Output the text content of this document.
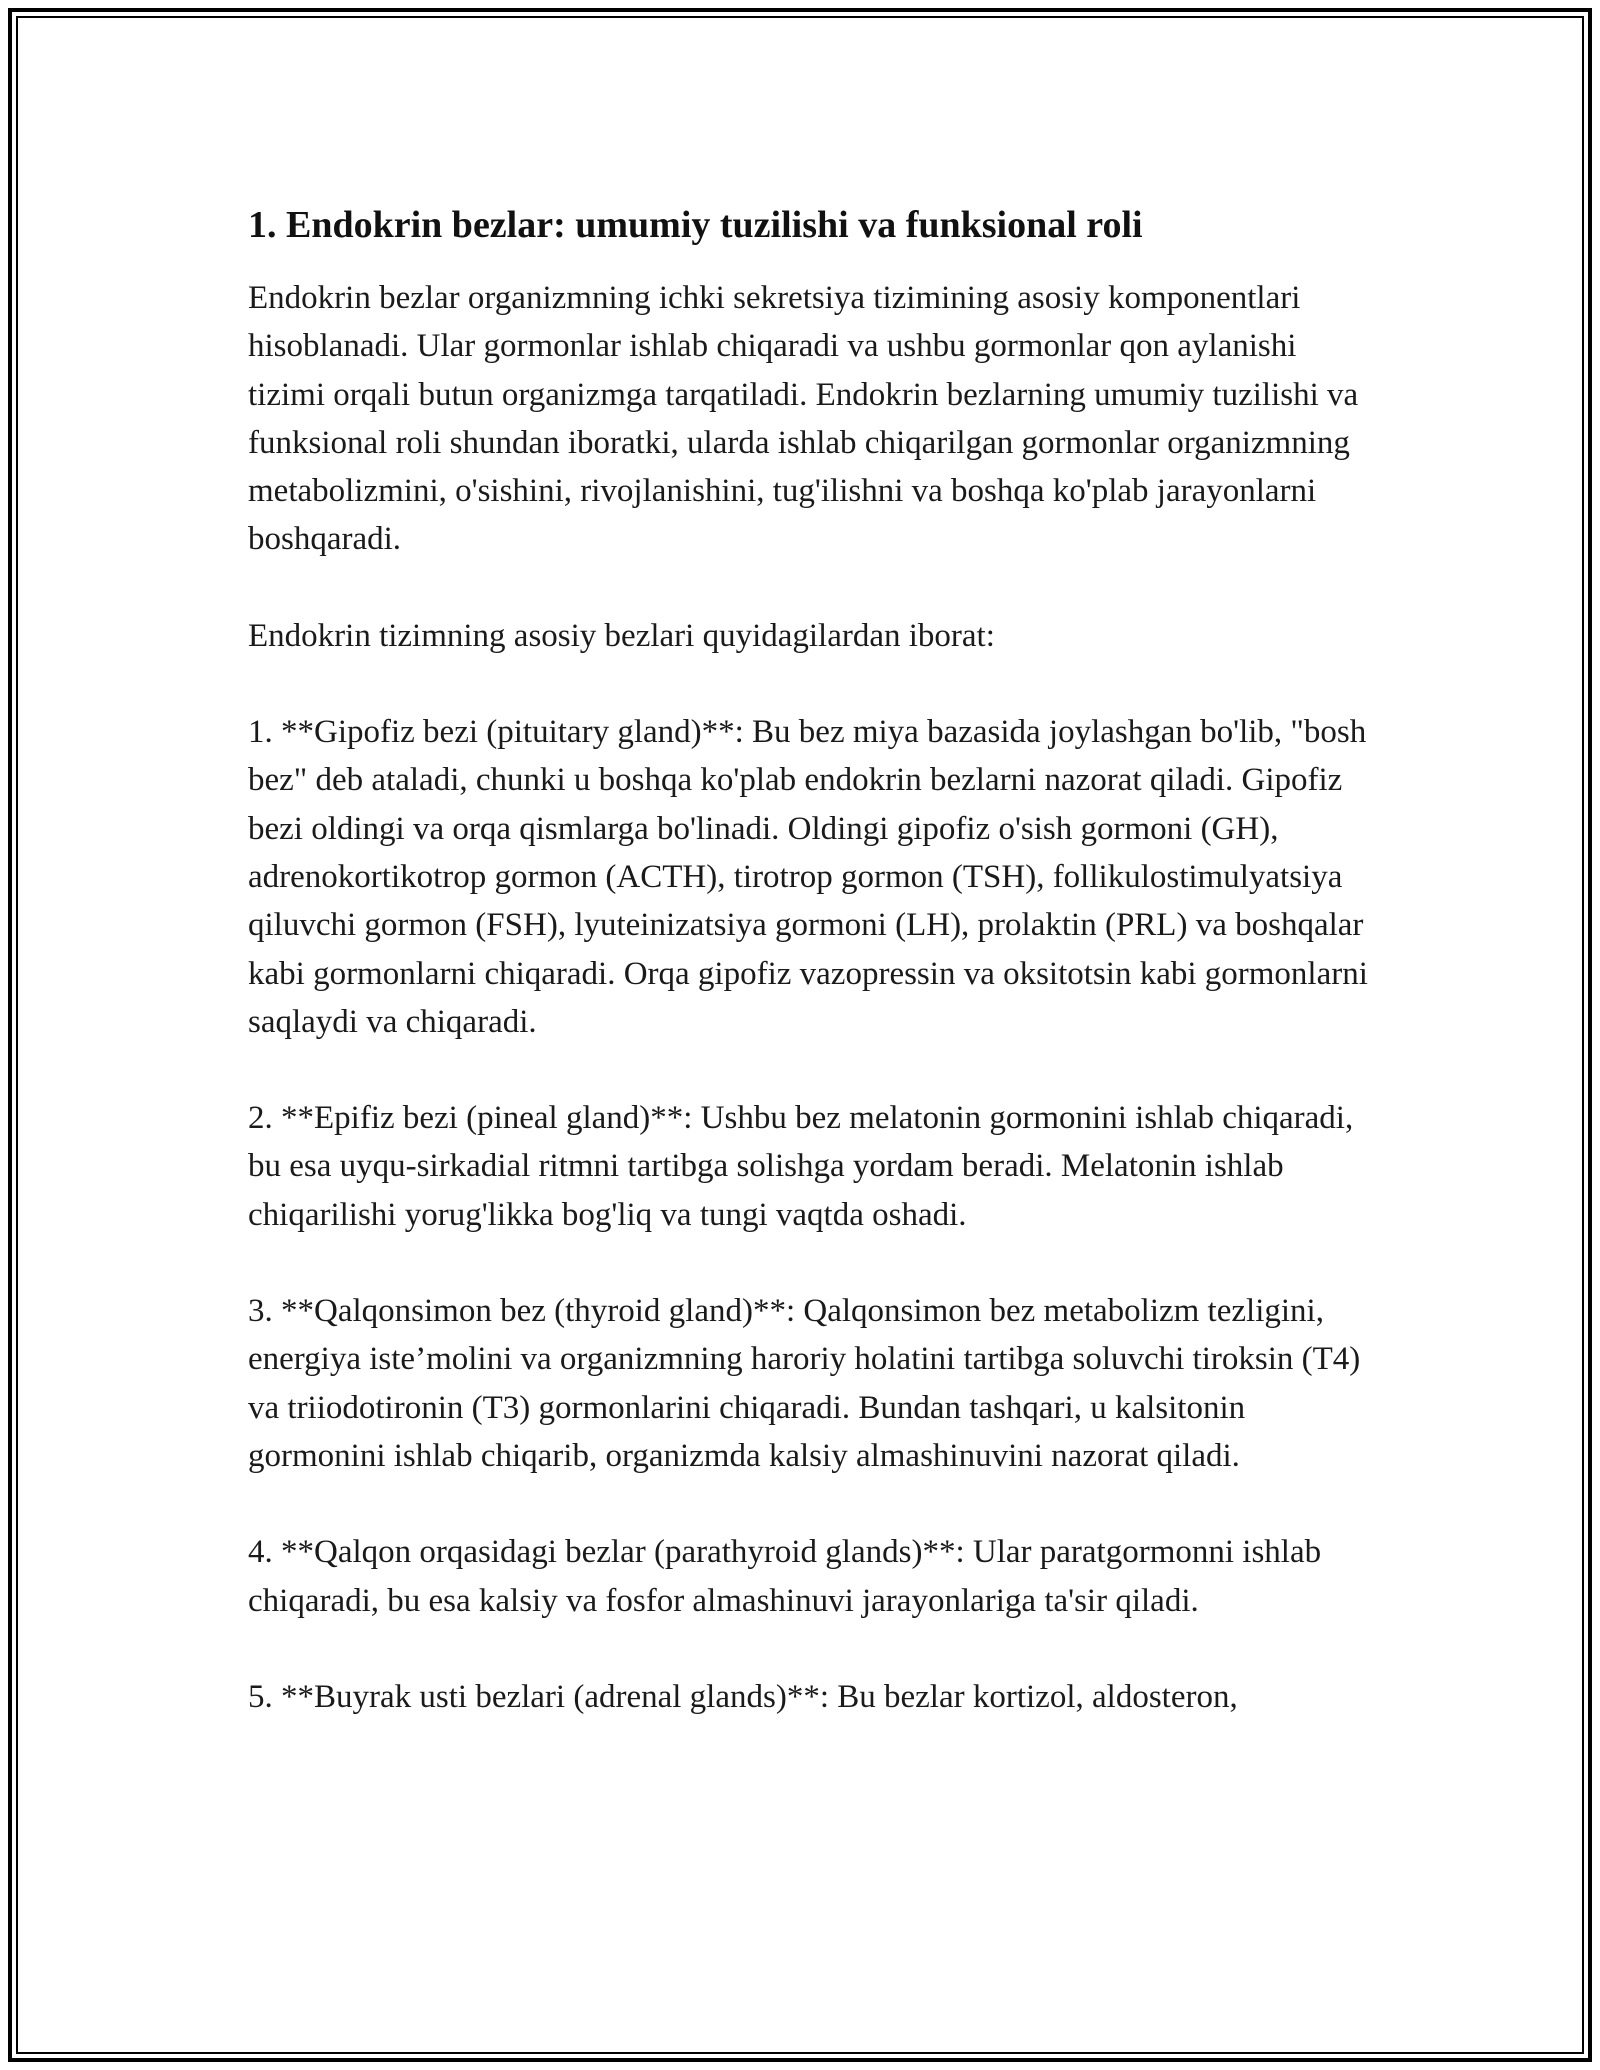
1. Endokrin bezlar: umumiy tuzilishi va funksional roli

Endokrin bezlar organizmning ichki sekretsiya tizimining asosiy komponentlari hisoblanadi. Ular gormonlar ishlab chiqaradi va ushbu gormonlar qon aylanishi tizimi orqali butun organizmga tarqatiladi. Endokrin bezlarning umumiy tuzilishi va funksional roli shundan iboratki, ularda ishlab chiqarilgan gormonlar organizmning metabolizmini, o'sishini, rivojlanishini, tug'ilishni va boshqa ko'plab jarayonlarni boshqaradi.

Endokrin tizimning asosiy bezlari quyidagilardan iborat:

1. **Gipofiz bezi (pituitary gland)**: Bu bez miya bazasida joylashgan bo'lib, "bosh bez" deb ataladi, chunki u boshqa ko'plab endokrin bezlarni nazorat qiladi. Gipofiz bezi oldingi va orqa qismlarga bo'linadi. Oldingi gipofiz o'sish gormoni (GH), adrenokortikotrop gormon (ACTH), tirotrop gormon (TSH), follikulostimulyatsiya qiluvchi gormon (FSH), lyuteinizatsiya gormoni (LH), prolaktin (PRL) va boshqalar kabi gormonlarni chiqaradi. Orqa gipofiz vazopressin va oksitotsin kabi gormonlarni saqlaydi va chiqaradi.

2. **Epifiz bezi (pineal gland)**: Ushbu bez melatonin gormonini ishlab chiqaradi, bu esa uyqu-sirkadial ritmni tartibga solishga yordam beradi. Melatonin ishlab chiqarilishi yorug'likka bog'liq va tungi vaqtda oshadi.

3. **Qalqonsimon bez (thyroid gland)**: Qalqonsimon bez metabolizm tezligini, energiya iste’molini va organizmning haroriy holatini tartibga soluvchi tiroksin (T4) va triiodotironin (T3) gormonlarini chiqaradi. Bundan tashqari, u kalsitonin gormonini ishlab chiqarib, organizmda kalsiy almashinuvini nazorat qiladi.

4. **Qalqon orqasidagi bezlar (parathyroid glands)**: Ular paratgormonni ishlab chiqaradi, bu esa kalsiy va fosfor almashinuvi jarayonlariga ta'sir qiladi.

5. **Buyrak usti bezlari (adrenal glands)**: Bu bezlar kortizol, aldosteron,
